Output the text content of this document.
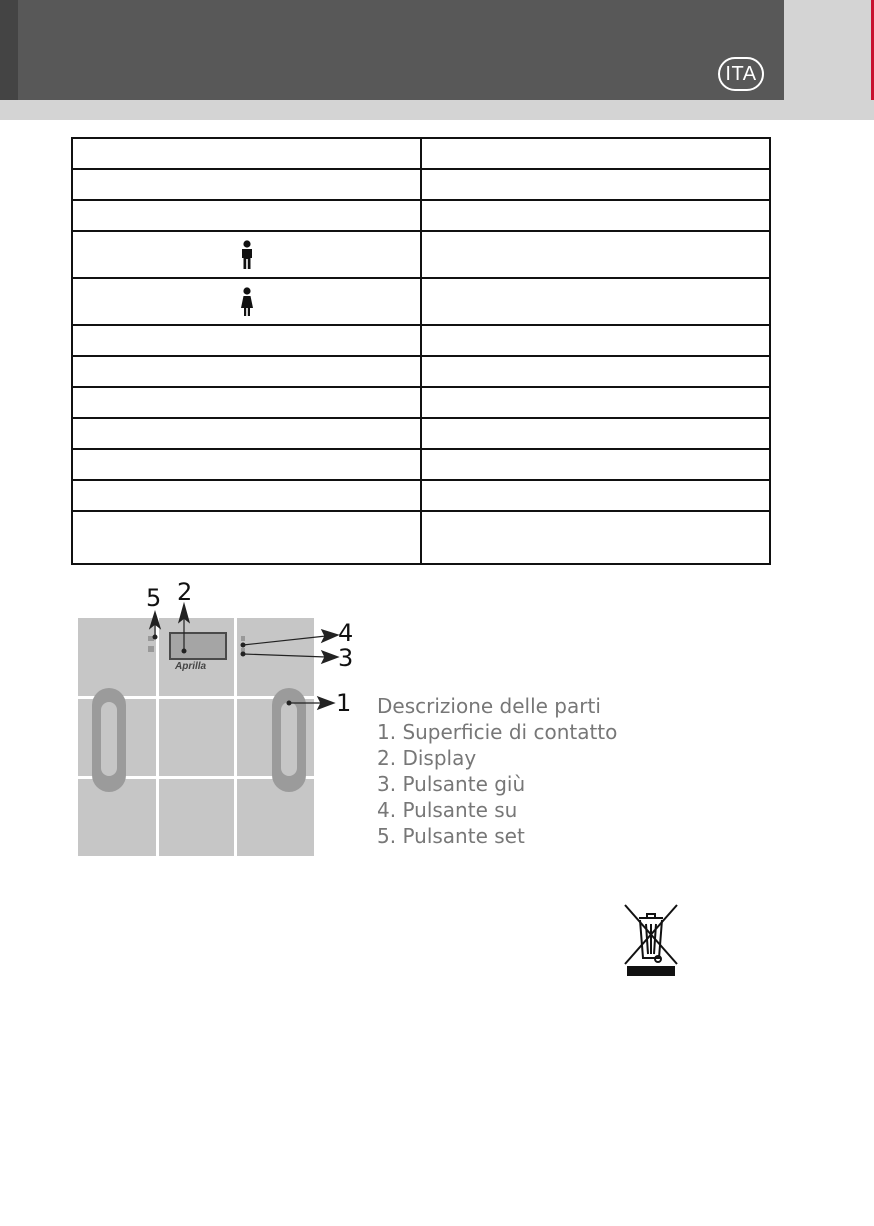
ITA

Aprilla
5 2
4
3
1 Descrizione delle parti
1. Superficie di contatto
2. Display
3. Pulsante giù
4. Pulsante su
5. Pulsante set
